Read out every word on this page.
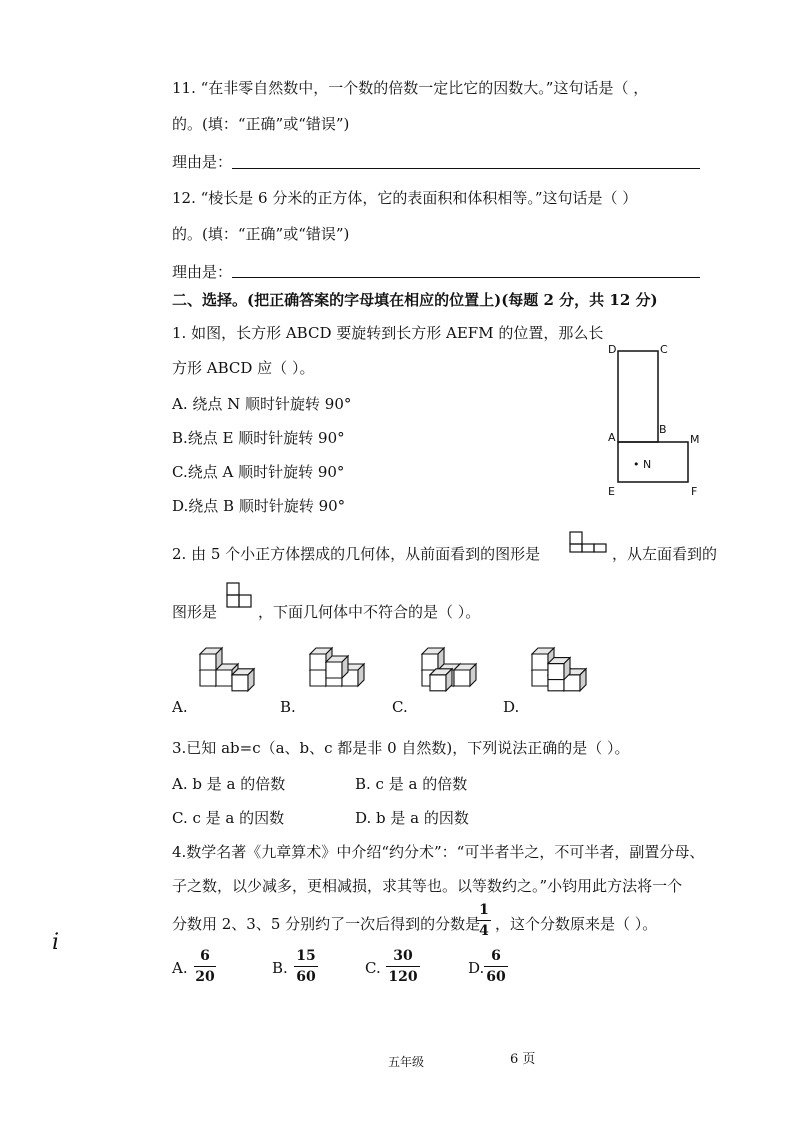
11. “在非零自然数中，一个数的倍数一定比它的因数大。”这句话是（ ，
的。(填：“正确”或“错误”)
理由是：
12. “棱长是 6 分米的正方体，它的表面积和体积相等。”这句话是（ ）
的。(填：“正确”或“错误”)
理由是：
二、选择。(把正确答案的字母填在相应的位置上)(每题 2 分，共 12 分)
1. 如图，长方形 ABCD 要旋转到长方形 AEFM 的位置，那么长
方形 ABCD 应（ ）。
A. 绕点 N 顺时针旋转 90°
B.绕点 E 顺时针旋转 90°
C.绕点 A 顺时针旋转 90°
D.绕点 B 顺时针旋转 90°
D	C
A
B
M
• N
E	F
2. 由 5 个小正方体摆成的几何体，从前面看到的图形是	，从左面看到的
图形是	，下面几何体中不符合的是（ ）。
A.	B.	C.	D.
3.已知 ab=c（a、b、c 都是非 0 自然数)，下列说法正确的是（ ）。
A. b 是 a 的倍数	B. c 是 a 的倍数
C. c 是 a 的因数	D. b 是 a 的因数
4.数学名著《九章算术》中介绍“约分术”：“可半者半之，不可半者，副置分母、
子之数，以少减多，更相减损，求其等也。以等数约之。”小钧用此方法将一个
分数用 2、3、5 分别约了一次后得到的分数是
1
4 ，这个分数原来是（ ）。
A.
6
20	B.
15
60	C.
30
120	D.
6
60
i
五年级	6 页
